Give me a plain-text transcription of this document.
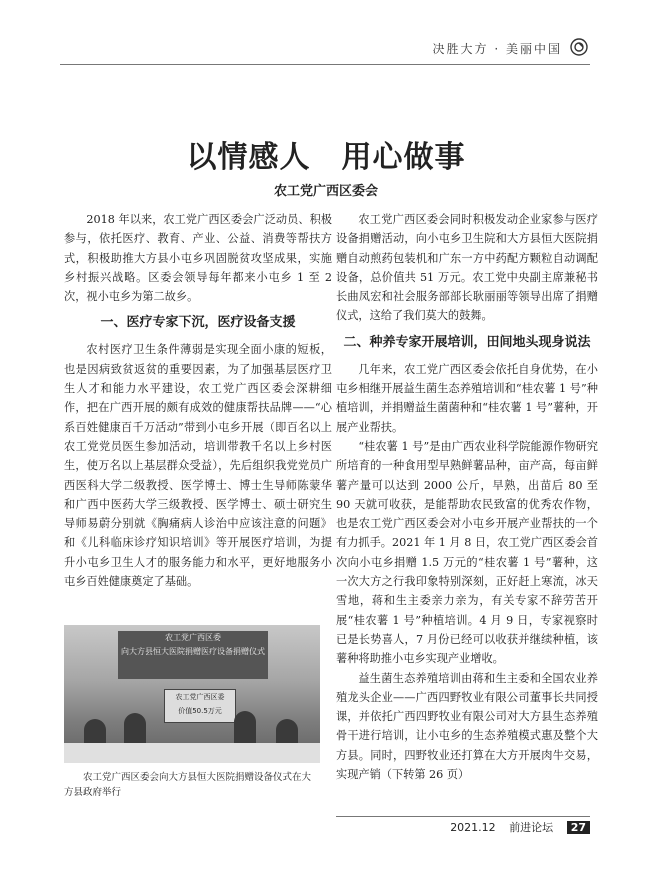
决胜大方 · 美丽中国
以情感人　用心做事
农工党广西区委会

2018 年以来，农工党广西区委会广泛动员、积极参与，依托医疗、教育、产业、公益、消费等帮扶方式，积极助推大方县小屯乡巩固脱贫攻坚成果，实施乡村振兴战略。区委会领导每年都来小屯乡 1 至 2 次，视小屯乡为第二故乡。

一、医疗专家下沉，医疗设备支援

农村医疗卫生条件薄弱是实现全面小康的短板，也是因病致贫返贫的重要因素，为了加强基层医疗卫生人才和能力水平建设，农工党广西区委会深耕细作，把在广西开展的颇有成效的健康帮扶品牌——“心系百姓健康百千万活动”带到小屯乡开展（即百名以上农工党党员医生参加活动，培训带教千名以上乡村医生，使万名以上基层群众受益），先后组织我党党员广西医科大学二级教授、医学博士、博士生导师陈蒙华和广西中医药大学三级教授、医学博士、硕士研究生导师易蔚分别就《胸痛病人诊治中应该注意的问题》和《儿科临床诊疗知识培训》等开展医疗培训，为提升小屯乡卫生人才的服务能力和水平，更好地服务小屯乡百姓健康奠定了基础。

农工党广西区委
向大方县恒大医院捐赠医疗设备捐赠仪式
农工党广西区委
价值50.5万元
农工党广西区委会向大方县恒大医院捐赠设备仪式在大方县政府举行

农工党广西区委会同时积极发动企业家参与医疗设备捐赠活动，向小屯乡卫生院和大方县恒大医院捐赠自动煎药包装机和广东一方中药配方颗粒自动调配设备，总价值共 51 万元。农工党中央副主席兼秘书长曲凤宏和社会服务部部长耿丽丽等领导出席了捐赠仪式，这给了我们莫大的鼓舞。

二、种养专家开展培训，田间地头现身说法

几年来，农工党广西区委会依托自身优势，在小屯乡相继开展益生菌生态养殖培训和“桂农薯 1 号”种植培训，并捐赠益生菌菌种和“桂农薯 1 号”薯种，开展产业帮扶。

“桂农薯 1 号”是由广西农业科学院能源作物研究所培育的一种食用型早熟鲜薯品种，亩产高，每亩鲜薯产量可以达到 2000 公斤，早熟，出苗后 80 至 90 天就可收获，是能帮助农民致富的优秀农作物，也是农工党广西区委会对小屯乡开展产业帮扶的一个有力抓手。2021 年 1 月 8 日，农工党广西区委会首次向小屯乡捐赠 1.5 万元的“桂农薯 1 号”薯种，这一次大方之行我印象特别深刻，正好赶上寒流，冰天雪地，蒋和生主委亲力亲为，有关专家不辞劳苦开展“桂农薯 1 号”种植培训。4 月 9 日，专家视察时已是长势喜人，7 月份已经可以收获并继续种植，该薯种将助推小屯乡实现产业增收。

益生菌生态养殖培训由蒋和生主委和全国农业养殖龙头企业——广西四野牧业有限公司董事长共同授课，并依托广西四野牧业有限公司对大方县生态养殖骨干进行培训，让小屯乡的生态养殖模式惠及整个大方县。同时，四野牧业还打算在大方开展肉牛交易，实现产销（下转第 26 页）

2021.12 前进论坛 27
